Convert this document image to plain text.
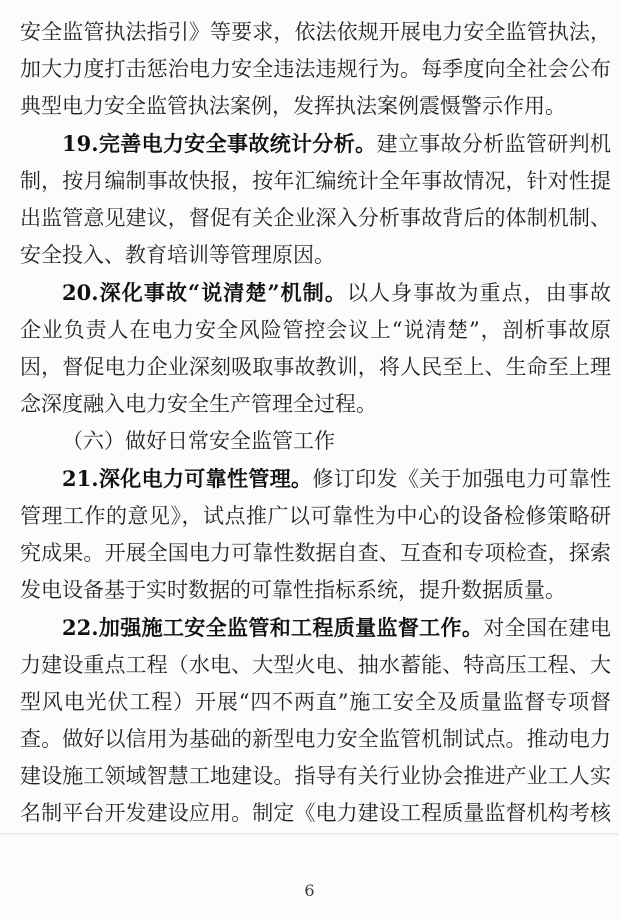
安全监管执法指引》等要求，依法依规开展电力安全监管执法，
加大力度打击惩治电力安全违法违规行为。每季度向全社会公布
典型电力安全监管执法案例，发挥执法案例震慑警示作用。
19.完善电力安全事故统计分析。建立事故分析监管研判机
制，按月编制事故快报，按年汇编统计全年事故情况，针对性提
出监管意见建议，督促有关企业深入分析事故背后的体制机制、
安全投入、教育培训等管理原因。
20.深化事故“说清楚”机制。以人身事故为重点，由事故
企业负责人在电力安全风险管控会议上“说清楚”，剖析事故原
因，督促电力企业深刻吸取事故教训，将人民至上、生命至上理
念深度融入电力安全生产管理全过程。
（六）做好日常安全监管工作
21.深化电力可靠性管理。修订印发《关于加强电力可靠性
管理工作的意见》，试点推广以可靠性为中心的设备检修策略研
究成果。开展全国电力可靠性数据自查、互查和专项检查，探索
发电设备基于实时数据的可靠性指标系统，提升数据质量。
22.加强施工安全监管和工程质量监督工作。对全国在建电
力建设重点工程（水电、大型火电、抽水蓄能、特高压工程、大
型风电光伏工程）开展“四不两直”施工安全及质量监督专项督
查。做好以信用为基础的新型电力安全监管机制试点。推动电力
建设施工领域智慧工地建设。指导有关行业协会推进产业工人实
名制平台开发建设应用。制定《电力建设工程质量监督机构考核
6
